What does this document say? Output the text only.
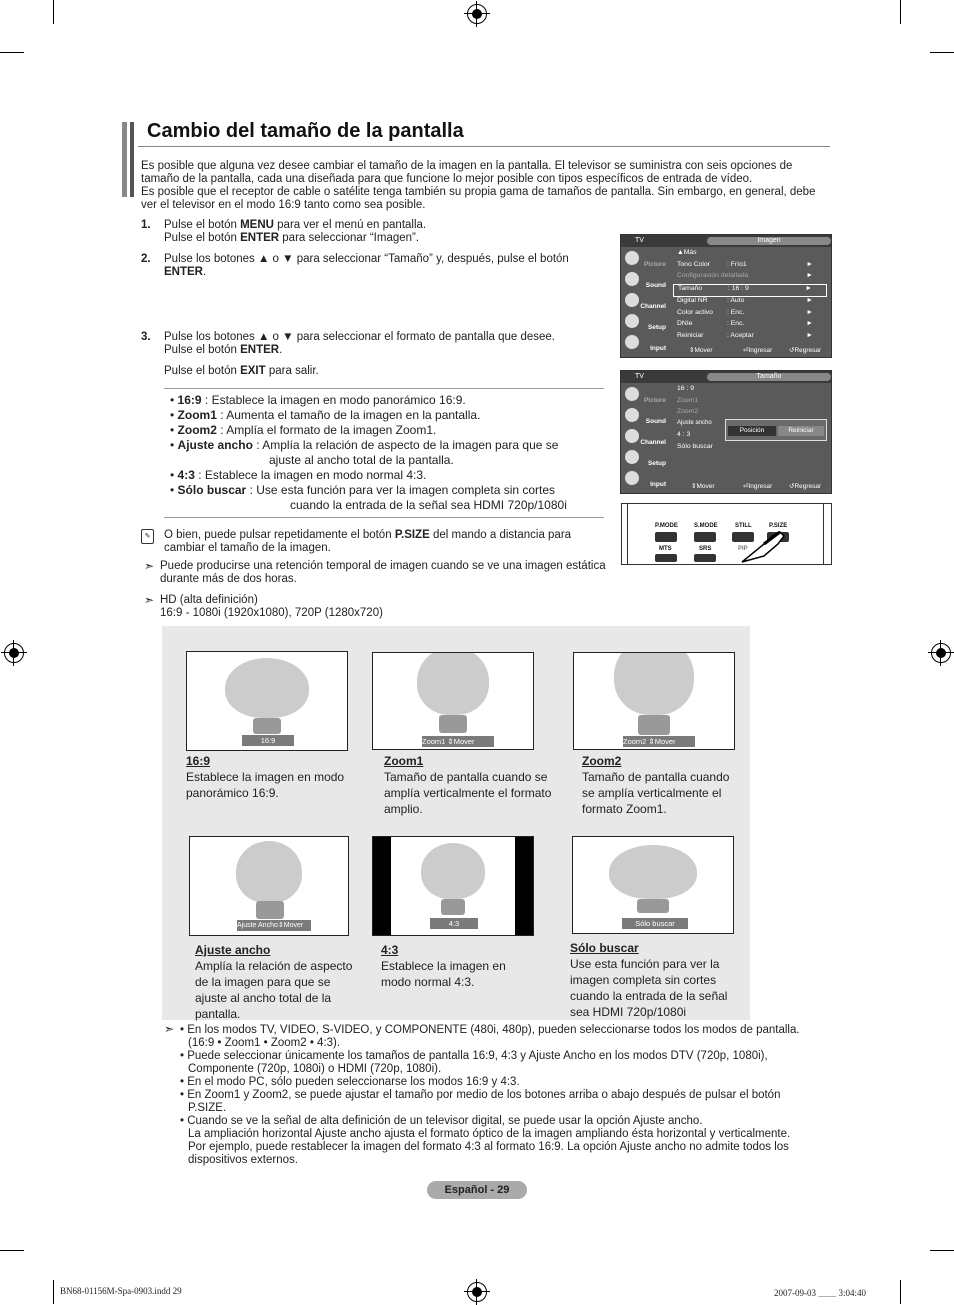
Cambio del tamaño de la pantalla
Es posible que alguna vez desee cambiar el tamaño de la imagen en la pantalla. El televisor se suministra con seis opciones de
tamaño de la pantalla, cada una diseñada para que funcione lo mejor posible con tipos específicos de entrada de vídeo.
Es posible que el receptor de cable o satélite tenga también su propia gama de tamaños de pantalla. Sin embargo, en general, debe
ver el televisor en el modo 16:9 tanto como sea posible.
1. Pulse el botón MENU para ver el menú en pantalla.
Pulse el botón ENTER para seleccionar “Imagen”.
2. Pulse los botones ▲ o ▼ para seleccionar “Tamaño” y, después, pulse el botón
ENTER.
3. Pulse los botones ▲ o ▼ para seleccionar el formato de pantalla que desee.
Pulse el botón ENTER.
Pulse el botón EXIT para salir.
• 16:9 : Establece la imagen en modo panorámico 16:9.
• Zoom1 : Aumenta el tamaño de la imagen en la pantalla.
• Zoom2 : Amplía el formato de la imagen Zoom1.
• Ajuste ancho : Amplía la relación de aspecto de la imagen para que se
ajuste al ancho total de la pantalla.
• 4:3 : Establece la imagen en modo normal 4:3.
• Sólo buscar : Use esta función para ver la imagen completa sin cortes
cuando la entrada de la señal sea HDMI 720p/1080i
✎	O bien, puede pulsar repetidamente el botón P.SIZE del mando a distancia para
cambiar el tamaño de la imagen.
➣ Puede producirse una retención temporal de imagen cuando se ve una imagen estática
durante más de dos horas.
➣ HD (alta definición)
16:9 - 1080i (1920x1080), 720P (1280x720)
TV	Imagen
Picture
Sound
Channel
Setup
Input
▲Más
Tono Color	: Frío1	►
Configuración detallada	►
Tamaño	: 16 : 9	►
Digital NR	: Auto	►
Color activo : Enc.	►
DNIe	: Enc.	►
Reiniciar	: Aceptar	►
⇕ Mover	⏎ Ingresar	↺ Regresar
TV	Tamaño
Picture
Sound
Channel
Setup
Input
16 : 9
Zoom1
Zoom2
Ajuste ancho
4 : 3
Sólo buscar
Posición	Reiniciar
⇕ Mover	⏎ Ingresar	↺ Regresar
P.MODE	S.MODE	STILL	P.SIZE
MTS	SRS	PIP
16:9	Zoom1 ⇕Mover	Zoom2 ⇕Mover
16:9
Establece la imagen en modo
panorámico 16:9.
Zoom1
Tamaño de pantalla cuando se
amplía verticalmente el formato
amplio.
Zoom2
Tamaño de pantalla cuando
se amplía verticalmente el
formato Zoom1.
Ajuste Ancho⇕Mover	4:3	Sólo buscar
Ajuste ancho
Amplía la relación de aspecto
de la imagen para que se
ajuste al ancho total de la
pantalla.
4:3
Establece la imagen en
modo normal 4:3.
Sólo buscar
Use esta función para ver la
imagen completa sin cortes
cuando la entrada de la señal
sea HDMI 720p/1080i
➣ • En los modos TV, VIDEO, S-VIDEO, y COMPONENTE (480i, 480p), pueden seleccionarse todos los modos de pantalla.
(16:9 • Zoom1 • Zoom2 • 4:3).
• Puede seleccionar únicamente los tamaños de pantalla 16:9, 4:3 y Ajuste Ancho en los modos DTV (720p, 1080i),
Componente (720p, 1080i) o HDMI (720p, 1080i).
• En el modo PC, sólo pueden seleccionarse los modos 16:9 y 4:3.
• En Zoom1 y Zoom2, se puede ajustar el tamaño por medio de los botones arriba o abajo después de pulsar el botón
P.SIZE.
• Cuando se ve la señal de alta definición de un televisor digital, se puede usar la opción Ajuste ancho.
La ampliación horizontal Ajuste ancho ajusta el formato óptico de la imagen ampliando ésta horizontal y verticalmente.
Por ejemplo, puede restablecer la imagen del formato 4:3 al formato 16:9. La opción Ajuste ancho no admite todos los
dispositivos externos.
Español - 29
BN68-01156M-Spa-0903.indd 29	2007-09-03 ＿＿ 3:04:40
